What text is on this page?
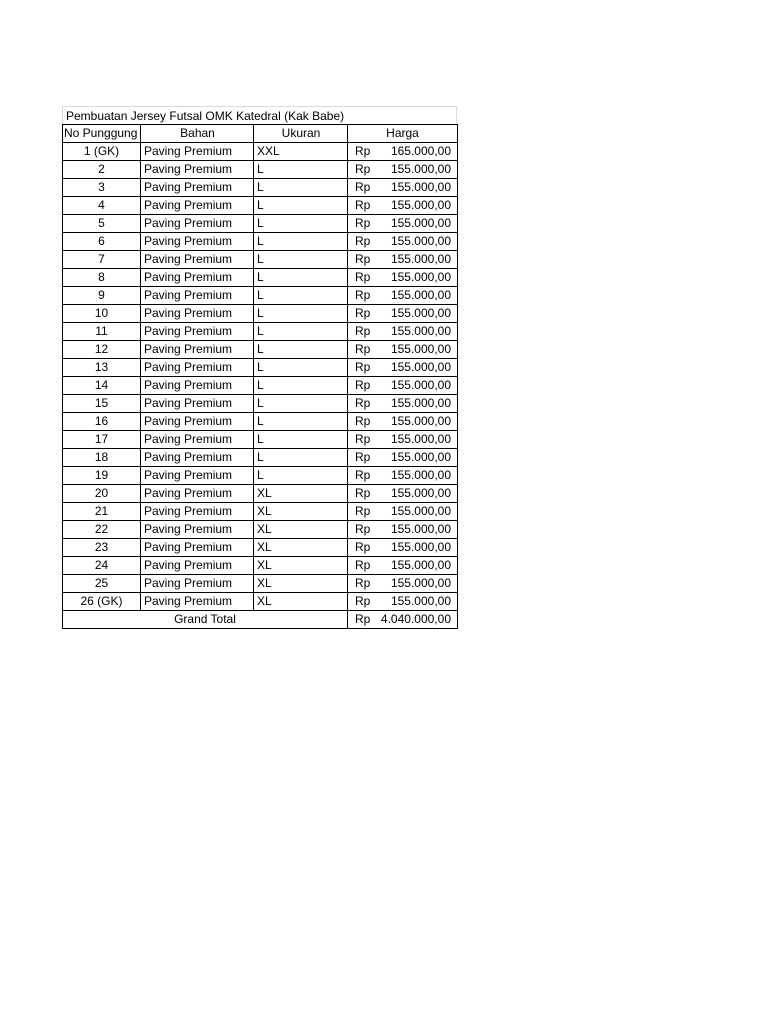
Pembuatan Jersey Futsal OMK Katedral (Kak Babe)
No Punggung	Bahan	Ukuran	Harga
1 (GK)	Paving Premium	XXL	Rp 165.000,00

2	Paving Premium	L	Rp 155.000,00

3	Paving Premium	L	Rp 155.000,00

4	Paving Premium	L	Rp 155.000,00

5	Paving Premium	L	Rp 155.000,00

6	Paving Premium	L	Rp 155.000,00

7	Paving Premium	L	Rp 155.000,00

8	Paving Premium	L	Rp 155.000,00

9	Paving Premium	L	Rp 155.000,00

10	Paving Premium	L	Rp 155.000,00

11	Paving Premium	L	Rp 155.000,00

12	Paving Premium	L	Rp 155.000,00

13	Paving Premium	L	Rp 155.000,00

14	Paving Premium	L	Rp 155.000,00

15	Paving Premium	L	Rp 155.000,00

16	Paving Premium	L	Rp 155.000,00

17	Paving Premium	L	Rp 155.000,00

18	Paving Premium	L	Rp 155.000,00

19	Paving Premium	L	Rp 155.000,00

20	Paving Premium	XL	Rp 155.000,00

21	Paving Premium	XL	Rp 155.000,00

22	Paving Premium	XL	Rp 155.000,00

23	Paving Premium	XL	Rp 155.000,00

24	Paving Premium	XL	Rp 155.000,00

25	Paving Premium	XL	Rp 155.000,00

26 (GK)	Paving Premium	XL	Rp 155.000,00

Grand Total			Rp 4.040.000,00
